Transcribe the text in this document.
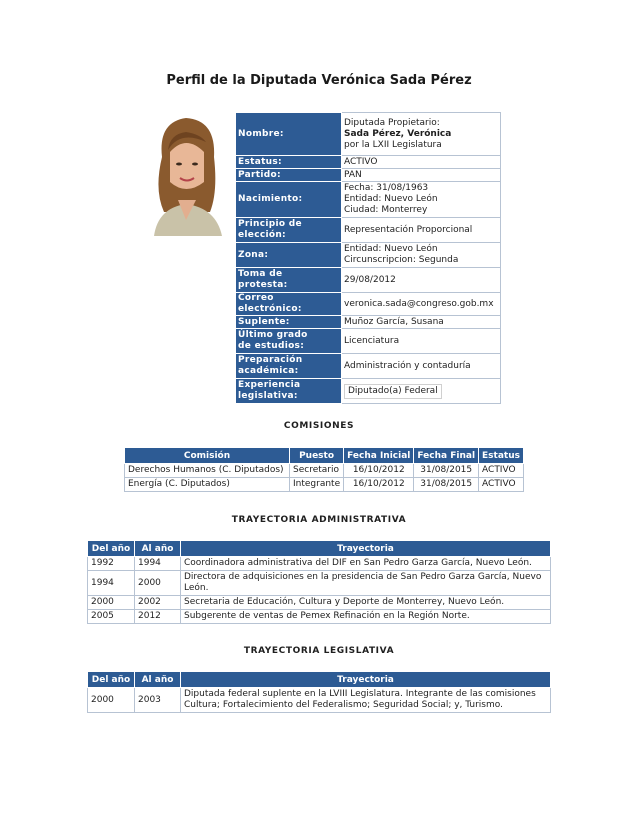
Perfil de la Diputada Verónica Sada Pérez
Nombre:	Diputada Propietario:
Sada Pérez, Verónica
por la LXII Legislatura

Estatus:	ACTIVO
Partido:	PAN
Nacimiento:	Fecha: 31/08/1963
Entidad: Nuevo León
Ciudad: Monterrey

Principio de
elección:	Representación Proporcional
Zona:	Entidad: Nuevo León
Circunscripcion: Segunda

Toma de
protesta:	29/08/2012
Correo electrónico:	veronica.sada@congreso.gob.mx
Suplente:	Muñoz García, Susana

Último grado
de estudios:	Licenciatura

Preparación
académica:	Administración y contaduría

Experiencia
legislativa:	Diputado(a) Federal
COMISIONES
Comisión	Puesto	Fecha Inicial	Fecha Final	Estatus
Derechos Humanos (C. Diputados)	Secretario	16/10/2012	31/08/2015	ACTIVO
Energía (C. Diputados)	Integrante	16/10/2012	31/08/2015	ACTIVO
TRAYECTORIA ADMINISTRATIVA
Del año	Al año	Trayectoria
1992	1994	Coordinadora administrativa del DIF en San Pedro Garza García, Nuevo León.
1994	2000	Directora de adquisiciones en la presidencia de San Pedro Garza García, Nuevo León.
2000	2002	Secretaria de Educación, Cultura y Deporte de Monterrey, Nuevo León.
2005	2012	Subgerente de ventas de Pemex Refinación en la Región Norte.
TRAYECTORIA LEGISLATIVA
Del año	Al año	Trayectoria
2000	2003	Diputada federal suplente en la LVIII Legislatura. Integrante de las comisiones Cultura; Fortalecimiento del Federalismo; Seguridad Social; y, Turismo.
